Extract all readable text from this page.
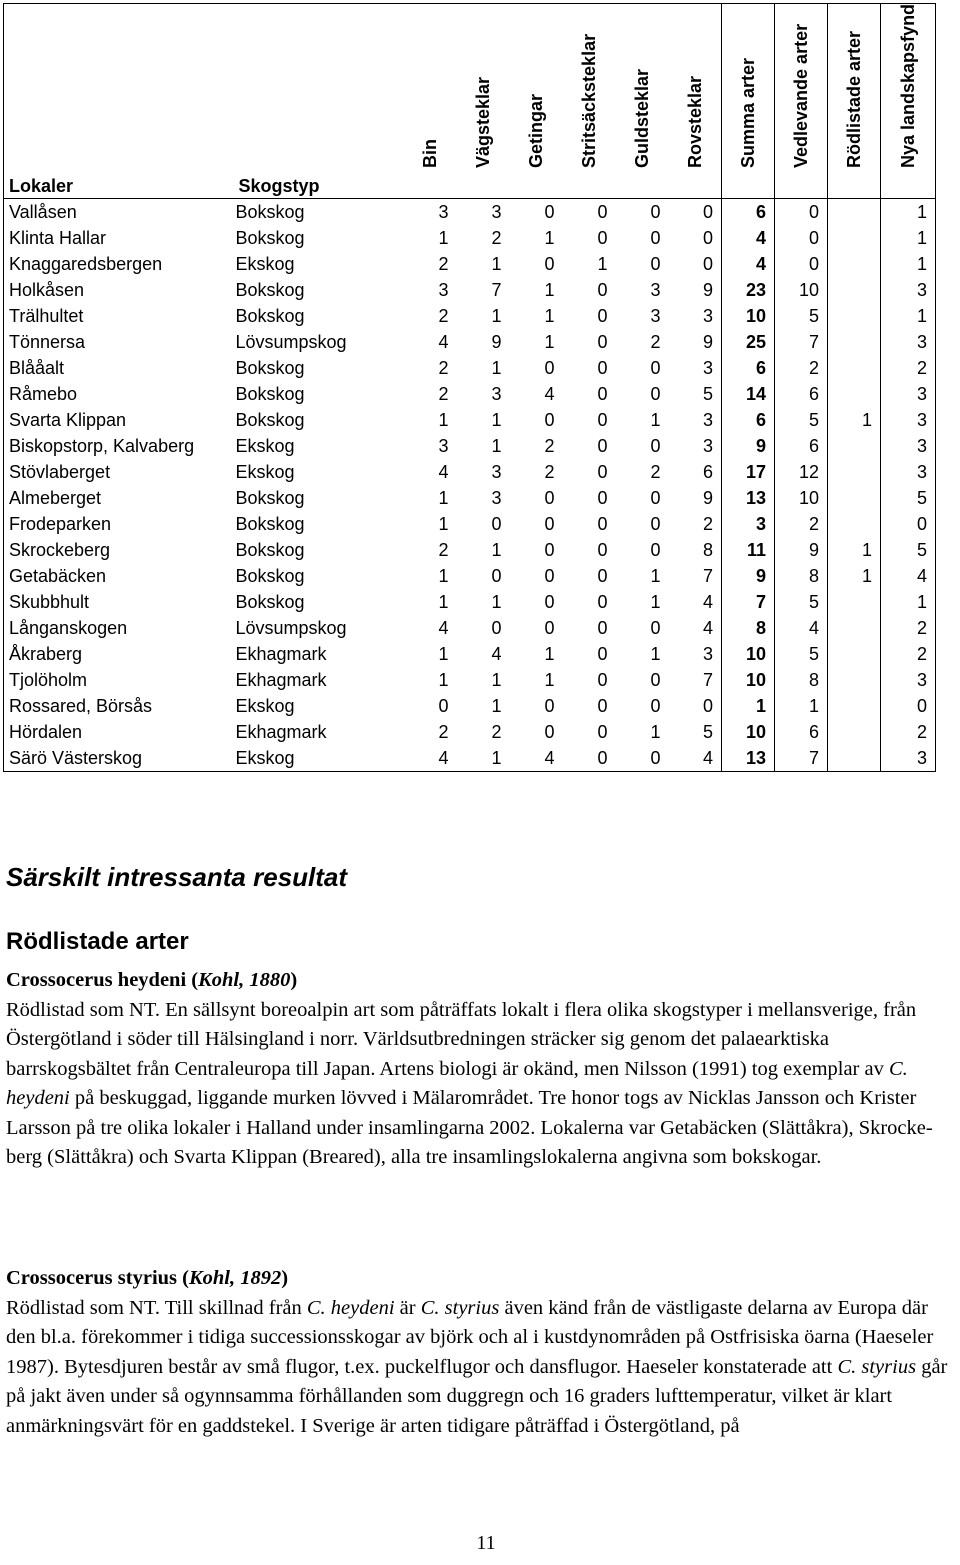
Lokaler	Skogstyp	Bin	Vägsteklar	Getingar	Stritsäcksteklar	Guldsteklar	Rovsteklar	Summa arter	Vedlevande arter	Rödlistade arter	Nya landskapsfynd

Vallåsen	Bokskog	3	3	0	0	0	0	6	0		1
Klinta Hallar	Bokskog	1	2	1	0	0	0	4	0		1
Knaggaredsbergen	Ekskog	2	1	0	1	0	0	4	0		1
Holkåsen	Bokskog	3	7	1	0	3	9	23	10		3
Trälhultet	Bokskog	2	1	1	0	3	3	10	5		1
Tönnersa	Lövsumpskog	4	9	1	0	2	9	25	7		3
Blååalt	Bokskog	2	1	0	0	0	3	6	2		2
Råmebo	Bokskog	2	3	4	0	0	5	14	6		3
Svarta Klippan	Bokskog	1	1	0	0	1	3	6	5	1	3
Biskopstorp, Kalvaberg	Ekskog	3	1	2	0	0	3	9	6		3
Stövlaberget	Ekskog	4	3	2	0	2	6	17	12		3
Almeberget	Bokskog	1	3	0	0	0	9	13	10		5
Frodeparken	Bokskog	1	0	0	0	0	2	3	2		0
Skrockeberg	Bokskog	2	1	0	0	0	8	11	9	1	5
Getabäcken	Bokskog	1	0	0	0	1	7	9	8	1	4
Skubbhult	Bokskog	1	1	0	0	1	4	7	5		1
Långanskogen	Lövsumpskog	4	0	0	0	0	4	8	4		2
Åkraberg	Ekhagmark	1	4	1	0	1	3	10	5		2
Tjolöholm	Ekhagmark	1	1	1	0	0	7	10	8		3
Rossared, Börsås	Ekskog	0	1	0	0	0	0	1	1		0
Hördalen	Ekhagmark	2	2	0	0	1	5	10	6		2
Särö Västerskog	Ekskog	4	1	4	0	0	4	13	7		3
Särskilt intressanta resultat
Rödlistade arter
Crossocerus heydeni (Kohl, 1880)
Rödlistad som NT. En sällsynt boreoalpin art som påträffats lokalt i flera olika skogstyper i mellansverige, från Östergötland i söder till Hälsingland i norr. Världsutbredningen sträcker sig genom det palaearktiska barrskogsbältet från Centraleuropa till Japan. Artens biologi är okänd, men Nilsson (1991) tog exemplar av C. heydeni på beskuggad, liggande murken lövved i Mälarområdet. Tre honor togs av Nicklas Jansson och Krister Larsson på tre olika lokaler i Halland under insamlingarna 2002. Lokalerna var Getabäcken (Slättåkra), Skrocke-berg (Slättåkra) och Svarta Klippan (Breared), alla tre insamlingslokalerna angivna som bokskogar.
Crossocerus styrius (Kohl, 1892)
Rödlistad som NT. Till skillnad från C. heydeni är C. styrius även känd från de västligaste delarna av Europa där den bl.a. förekommer i tidiga successionsskogar av björk och al i kustdynområden på Ostfrisiska öarna (Haeseler 1987). Bytesdjuren består av små flugor, t.ex. puckelflugor och dansflugor. Haeseler konstaterade att C. styrius går på jakt även under så ogynnsamma förhållanden som duggregn och 16 graders lufttemperatur, vilket är klart anmärkningsvärt för en gaddstekel. I Sverige är arten tidigare påträffad i Östergötland, på
11
